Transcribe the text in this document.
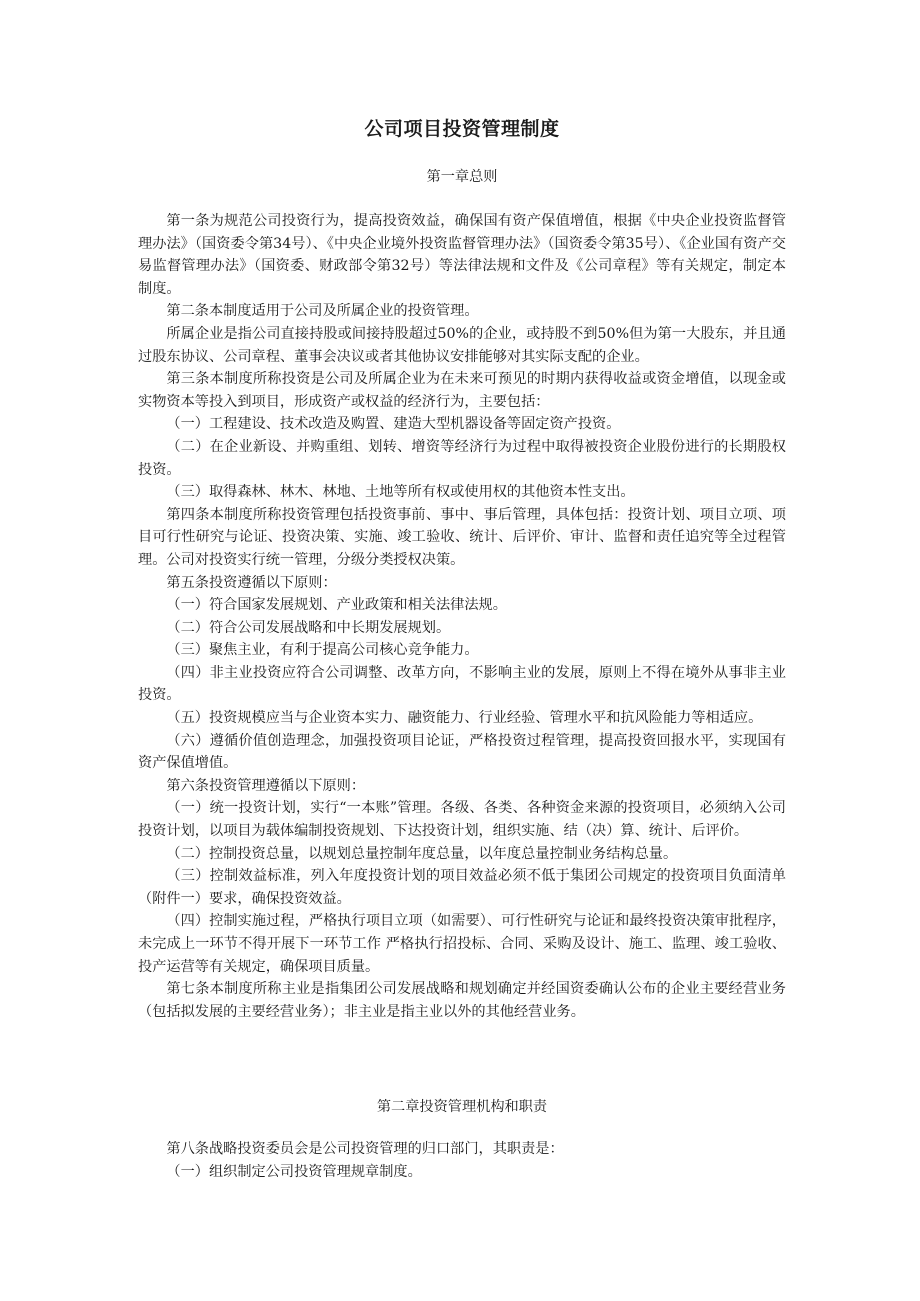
公司项目投资管理制度
第一章总则

第一条为规范公司投资行为，提高投资效益，确保国有资产保值增值，根据《中央企业投资监督管理办法》（国资委令第34号）、《中央企业境外投资监督管理办法》（国资委令第35号）、《企业国有资产交易监督管理办法》（国资委、财政部令第32号）等法律法规和文件及《公司章程》等有关规定，制定本制度。

第二条本制度适用于公司及所属企业的投资管理。

所属企业是指公司直接持股或间接持股超过50%的企业，或持股不到50%但为第一大股东，并且通过股东协议、公司章程、董事会决议或者其他协议安排能够对其实际支配的企业。

第三条本制度所称投资是公司及所属企业为在未来可预见的时期内获得收益或资金增值，以现金或实物资本等投入到项目，形成资产或权益的经济行为，主要包括：

（一）工程建设、技术改造及购置、建造大型机器设备等固定资产投资。

（二）在企业新设、并购重组、划转、增资等经济行为过程中取得被投资企业股份进行的长期股权投资。

（三）取得森林、林木、林地、土地等所有权或使用权的其他资本性支出。

第四条本制度所称投资管理包括投资事前、事中、事后管理，具体包括：投资计划、项目立项、项目可行性研究与论证、投资决策、实施、竣工验收、统计、后评价、审计、监督和责任追究等全过程管理。公司对投资实行统一管理，分级分类授权决策。

第五条投资遵循以下原则：

（一）符合国家发展规划、产业政策和相关法律法规。

（二）符合公司发展战略和中长期发展规划。

（三）聚焦主业，有利于提高公司核心竞争能力。

（四）非主业投资应符合公司调整、改革方向，不影响主业的发展，原则上不得在境外从事非主业投资。

（五）投资规模应当与企业资本实力、融资能力、行业经验、管理水平和抗风险能力等相适应。

（六）遵循价值创造理念，加强投资项目论证，严格投资过程管理，提高投资回报水平，实现国有资产保值增值。

第六条投资管理遵循以下原则：

（一）统一投资计划，实行“一本账”管理。各级、各类、各种资金来源的投资项目，必须纳入公司投资计划，以项目为载体编制投资规划、下达投资计划，组织实施、结（决）算、统计、后评价。

（二）控制投资总量，以规划总量控制年度总量，以年度总量控制业务结构总量。

（三）控制效益标准，列入年度投资计划的项目效益必须不低于集团公司规定的投资项目负面清单（附件一）要求，确保投资效益。

（四）控制实施过程，严格执行项目立项（如需要）、可行性研究与论证和最终投资决策审批程序，未完成上一环节不得开展下一环节工作 严格执行招投标、合同、采购及设计、施工、监理、竣工验收、投产运营等有关规定，确保项目质量。

第七条本制度所称主业是指集团公司发展战略和规划确定并经国资委确认公布的企业主要经营业务（包括拟发展的主要经营业务）；非主业是指主业以外的其他经营业务。

第二章投资管理机构和职责

第八条战略投资委员会是公司投资管理的归口部门，其职责是：

（一）组织制定公司投资管理规章制度。
